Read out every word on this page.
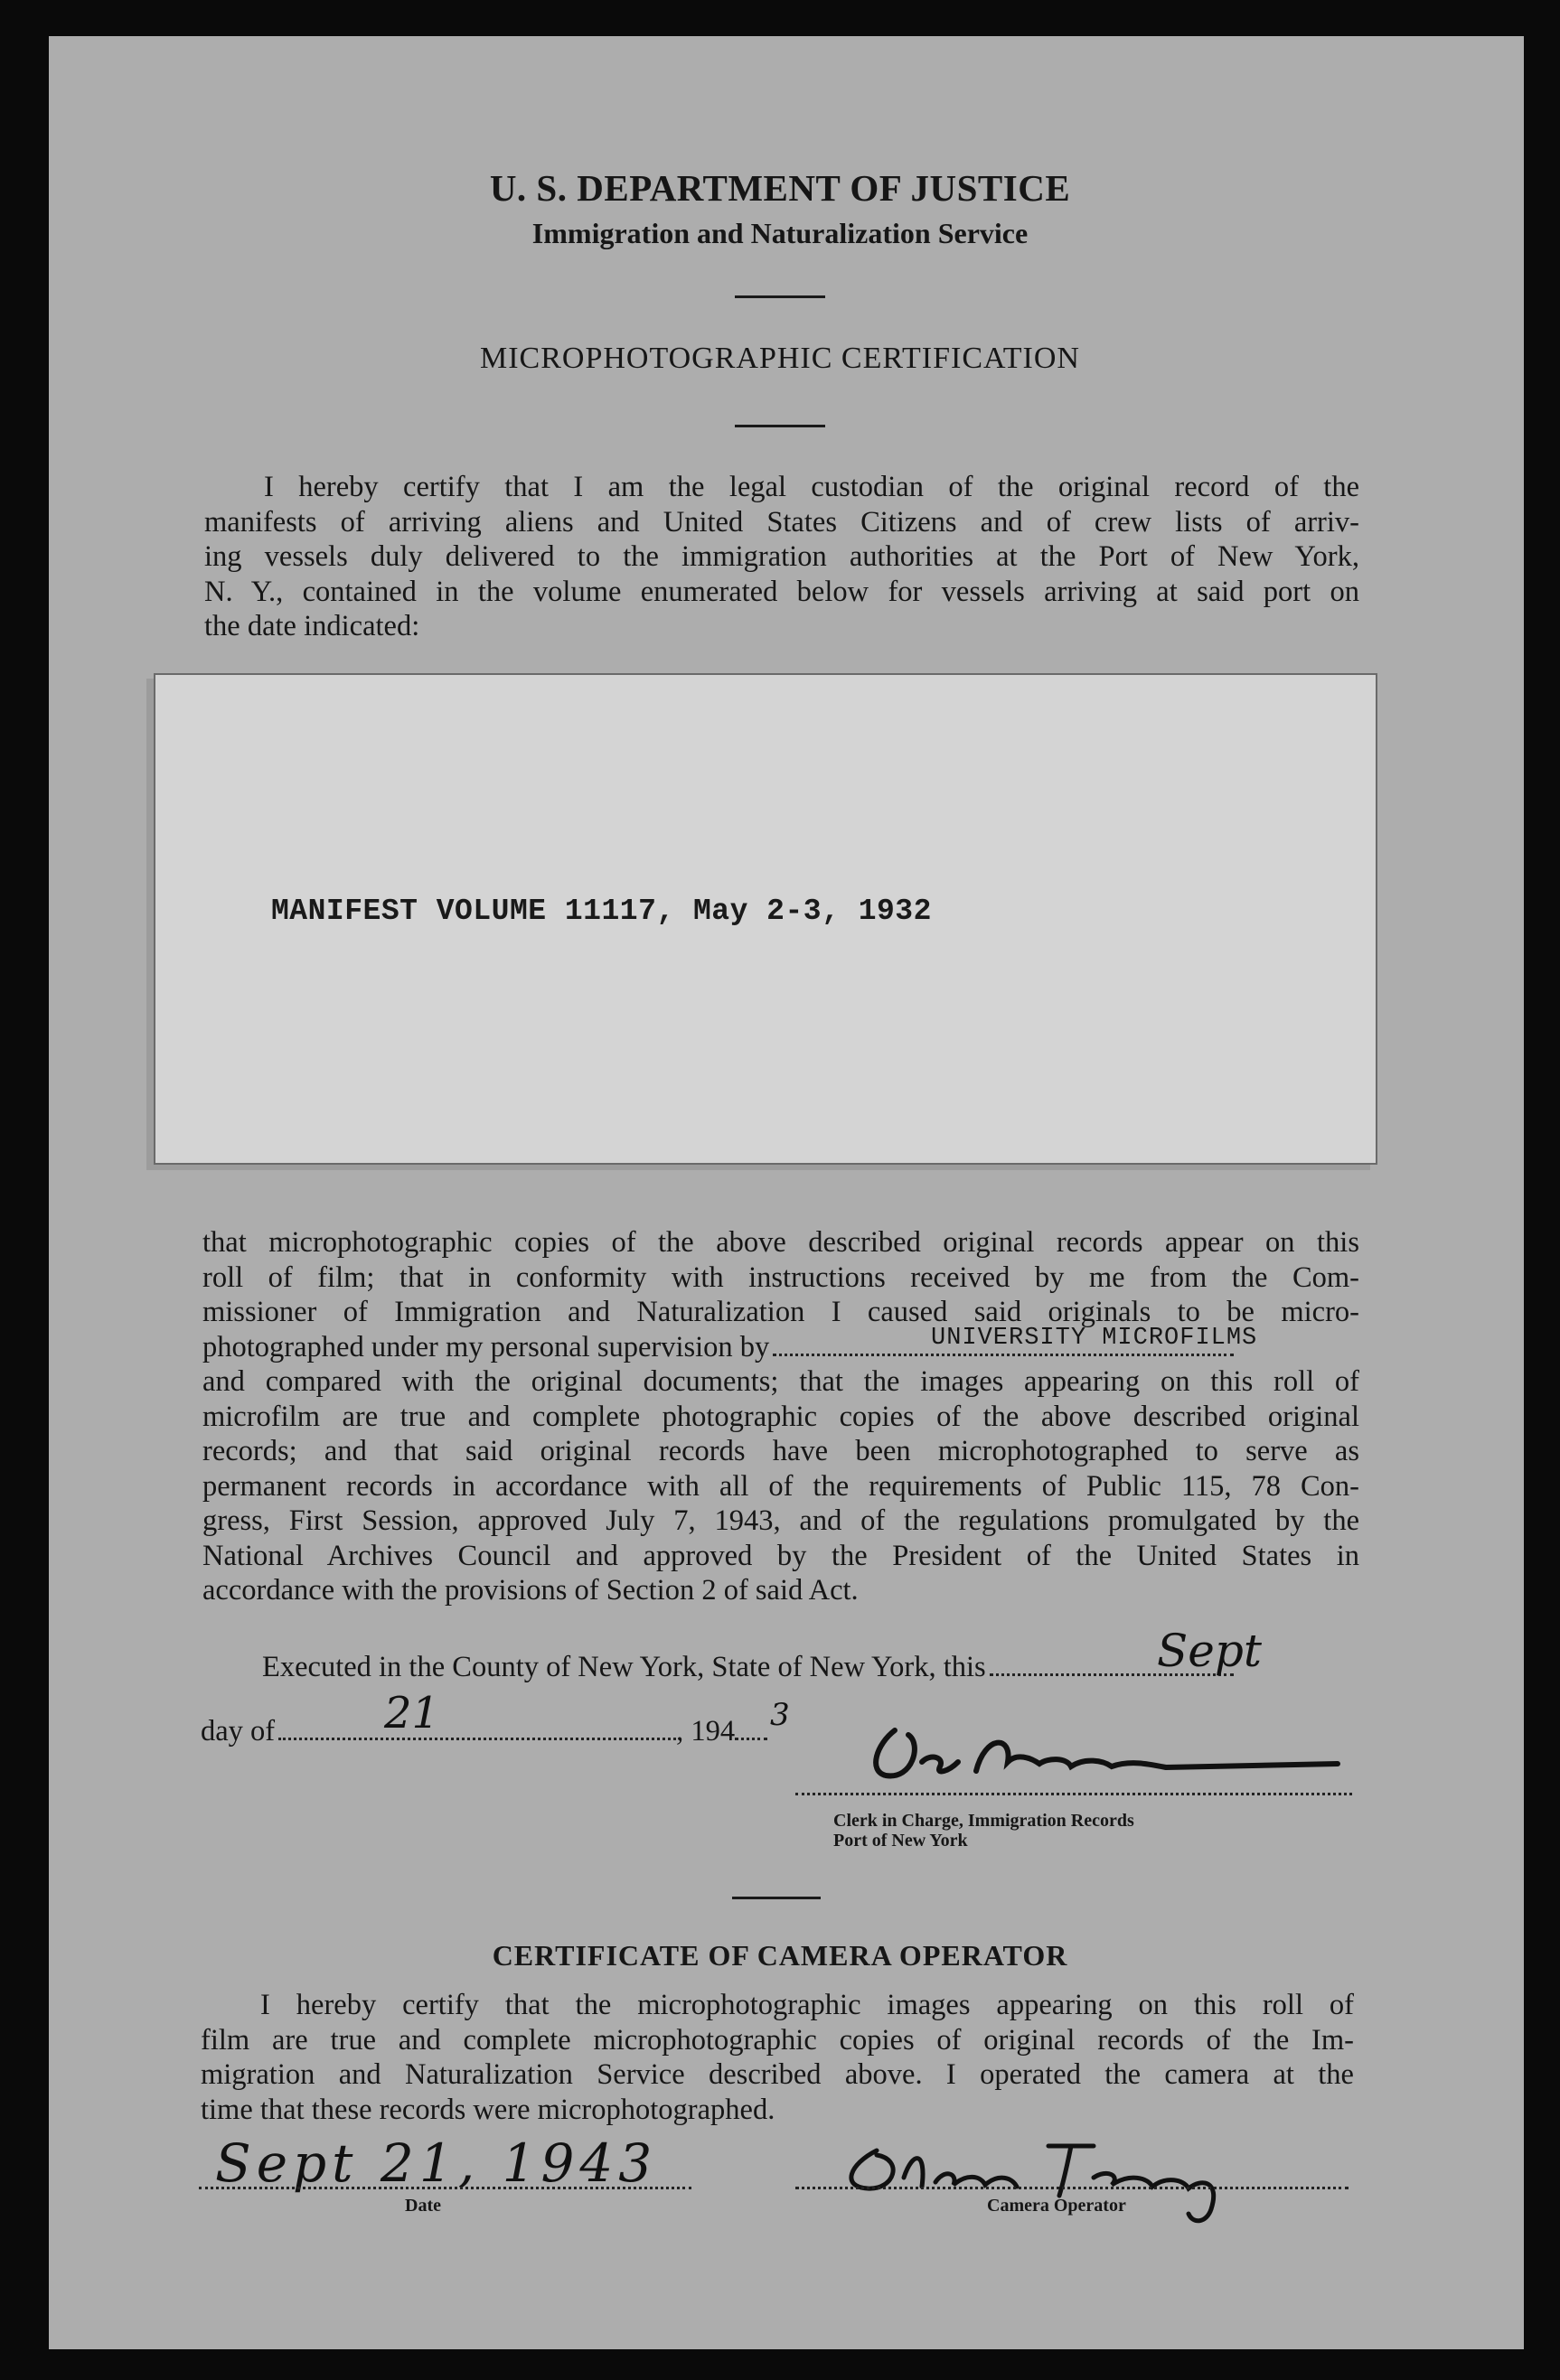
U. S. DEPARTMENT OF JUSTICE

Immigration and Naturalization Service

MICROPHOTOGRAPHIC CERTIFICATION

I hereby certify that I am the legal custodian of the original record of the
manifests of arriving aliens and United States Citizens and of crew lists of arriv-
ing vessels duly delivered to the immigration authorities at the Port of New York,
N. Y., contained in the volume enumerated below for vessels arriving at said port on
the date indicated:
MANIFEST VOLUME 11117, May 2-3, 1932
that microphotographic copies of the above described original records appear on this
roll of film; that in conformity with instructions received by me from the Com-
missioner of Immigration and Naturalization I caused said originals to be micro-
photographed under my personal supervision by
and compared with the original documents; that the images appearing on this roll of
microfilm are true and complete photographic copies of the above described original
records; and that said original records have been microphotographed to serve as
permanent records in accordance with all of the requirements of Public 115, 78 Con-
gress, First Session, approved July 7, 1943, and of the regulations promulgated by the
National Archives Council and approved by the President of the United States in
accordance with the provisions of Section 2 of said Act.
UNIVERSITY MICROFILMS
Executed in the County of New York, State of New York, this	Sept
day of	, 194
21	3
Clerk in Charge, Immigration Records
Port of New York

CERTIFICATE OF CAMERA OPERATOR

I hereby certify that the microphotographic images appearing on this roll of
film are true and complete microphotographic copies of original records of the Im-
migration and Naturalization Service described above. I operated the camera at the
time that these records were microphotographed.
Sept 21, 1943
Date	Camera Operator
